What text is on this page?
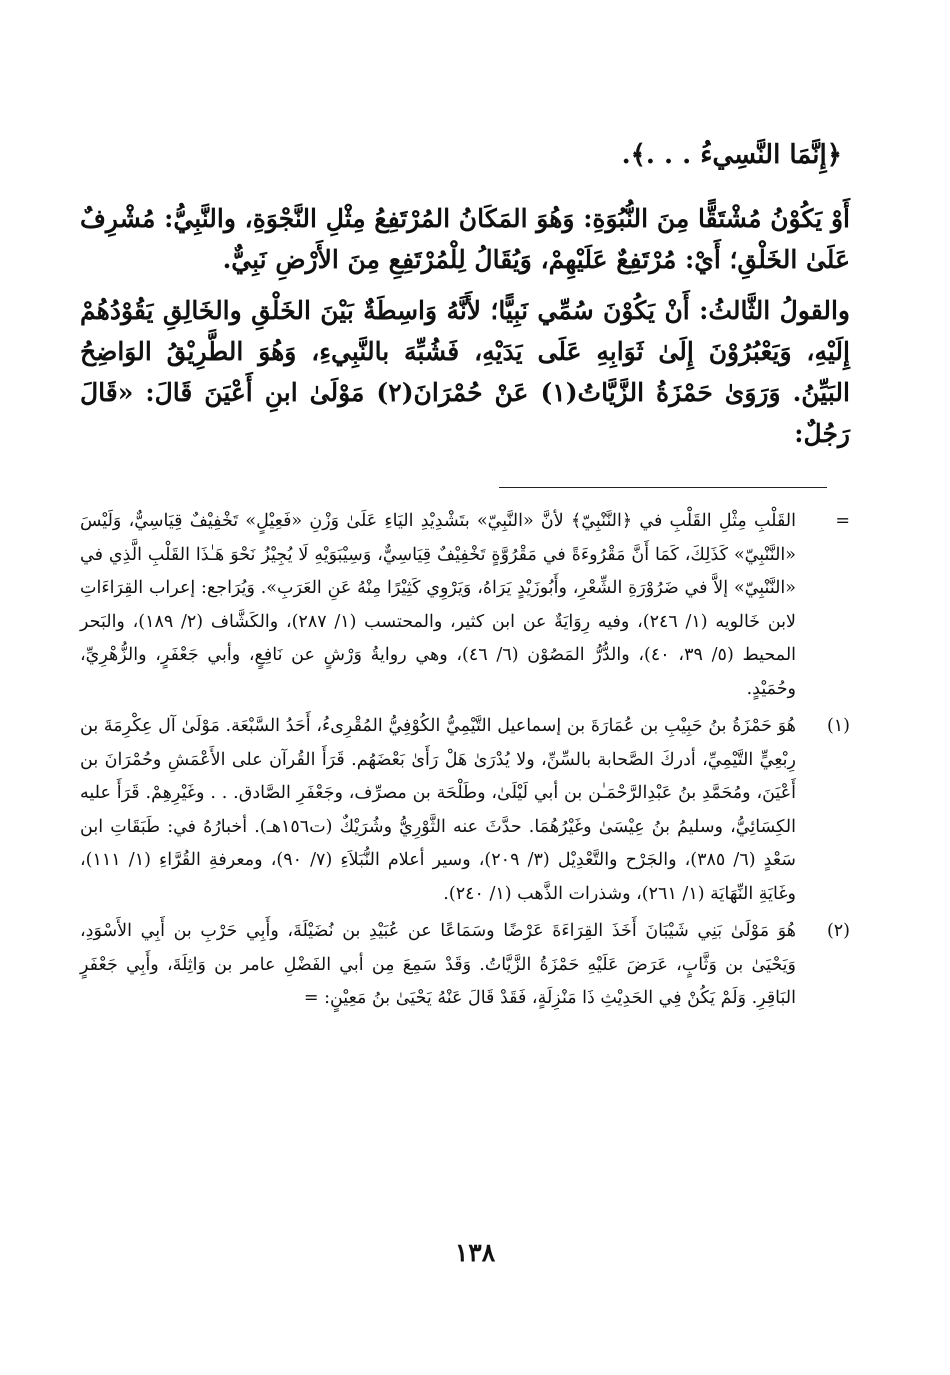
﴿إِنَّمَا النَّسِيءُ . . .﴾.

أَوْ يَكُوْنُ مُشْتَقًّا مِنَ النُّبُوَةِ: وَهُوَ المَكَانُ المُرْتَفِعُ مِثْلِ النَّجْوَةِ، والنَّبِيُّ: مُشْرِفٌ عَلَىٰ الخَلْقِ؛ أَيْ: مُرْتَفِعٌ عَلَيْهِمْ، وَيُقَالُ لِلْمُرْتَفِعِ مِنَ الأَرْضِ نَبِيٌّ.

والقولُ الثَّالثُ: أَنْ يَكُوْنَ سُمِّي نَبِيًّا؛ لأَنَّهُ وَاسِطَةٌ بَيْنَ الخَلْقِ والخَالِقِ يَقُوْدُهُمْ إِلَيْهِ، وَيَعْبُرُوْنَ إِلَىٰ ثَوَابِهِ عَلَى يَدَيْهِ، فَشُبِّهَ بالنَّبِيءِ، وَهُوَ الطَّرِيْقُ الوَاضِحُ البَيِّنُ. وَرَوَىٰ حَمْزَةُ الزَّيَّاتُ(١) عَنْ حُمْرَانَ(٢) مَوْلَىٰ ابنِ أَعْيَنَ قَالَ: «قَالَ رَجُلٌ:

=
القَلْبِ مِثْلِ القَلْبِ في ﴿النَّنْبِيّ﴾ لأنَّ «النَّبِيّ» بتَشْدِيْدِ اليَاءِ عَلَىٰ وَزْنِ «فَعِيْلٍ» تَخْفِيْفٌ قِيَاسِيٌّ، وَلَيْسَ «النَّنْبِيّ» كَذَلِكَ، كَمَا أَنَّ مَقْرُوءَةً في مَقْرُوَّةٍ تَخْفِيْفٌ قِيَاسِيٌّ، وَسِيْبَوَيْهِ لَا يُجِيْزُ نَحْوَ هَـٰذَا القَلْبِ الَّذِي في «النَّنْبِيّ» إلاَّ في ضَرُوْرَةِ الشِّعْرِ، وأَبُوزَيْدٍ يَرَاهُ، وَيَرْوِي كَثِيْرًا مِنْهُ عَنِ العَرَبِ». وَيُرَاجع: إعراب القِرَاءَاتِ لابن خَالويه (١/ ٢٤٦)، وفيه رِوَايَةٌ عن ابن كثير، والمحتسب (١/ ٢٨٧)، والكَشَّاف (٢/ ١٨٩)، والبَحر المحيط (٥/ ٣٩، ٤٠)، والدُّرُّ المَصُوْن (٦/ ٤٦)، وهي روايةُ وَرْشٍ عن نَافِعٍ، وأبي جَعْفَرٍ، والزُّهْرِيِّ، وحُمَيْدٍ.
(١)
هُوَ حَمْزَةُ بنُ حَبِيْبِ بن عُمَارَةَ بن إسماعيل التَّيْمِيُّ الكُوْفِيُّ المُقْرِىءُ، أَحَدُ السَّبْعَة. مَوْلَىٰ آل عِكْرِمَةَ بن رِبْعِيٍّ التَّيْمِيِّ، أدركَ الصَّحابة بالسِّنِّ، ولا يُدْرَىٰ هَلْ رَأَىٰ بَعْضَهُم. قَرَأَ القُرآن على الأَعْمَشِ وحُمْرَانَ بن أَعْيَنَ، ومُحَمَّدِ بنُ عَبْدِالرَّحْمَـٰن بن أبي لَيْلَىٰ، وطَلْحَة بن مصرِّف، وجَعْفَرِ الصَّادق. . . وغَيْرِهِمْ. قَرَأَ عليه الكِسَائِيُّ، وسليمُ بنُ عِيْسَىٰ وغَيْرُهُمَا. حدَّثَ عنه الثَّوْرِيُّ وشُرَيْكٌ (ت١٥٦هـ). أخبارُهُ في: طَبَقَاتِ ابن سَعْدٍ (٦/ ٣٨٥)، والجَرْح والتَّعْدِيْل (٣/ ٢٠٩)، وسير أعلام النُّبَلاَءِ (٧/ ٩٠)، ومعرفةِ القُرَّاءِ (١/ ١١١)، وغَايَةِ النِّهَايَة (١/ ٢٦١)، وشذرات الذَّهب (١/ ٢٤٠).
(٢)
هُوَ مَوْلَىٰ بَنِي شَيْبَانَ أَخَذَ القِرَاءَةَ عَرْضًا وسَمَاعًا عن عُبَيْدِ بن نُضَيْلَةَ، وأَبِي حَرْبِ بن أَبِي الأَسْوَدِ، وَيَحْيَىٰ بن وَثَّابٍ، عَرَضَ عَلَيْهِ حَمْزَةُ الزَّيَّاتُ. وَقَدْ سَمِعَ مِن أبي الفَضْلِ عامر بن وَاثِلَةَ، وأَبِي جَعْفَرٍ البَاقِرِ. وَلَمْ يَكُنْ فِي الحَدِيْثِ ذَا مَنْزِلَةٍ، فَقَدْ قَالَ عَنْهُ يَحْيَىٰ بنُ مَعِيْنٍ: =
١٣٨
